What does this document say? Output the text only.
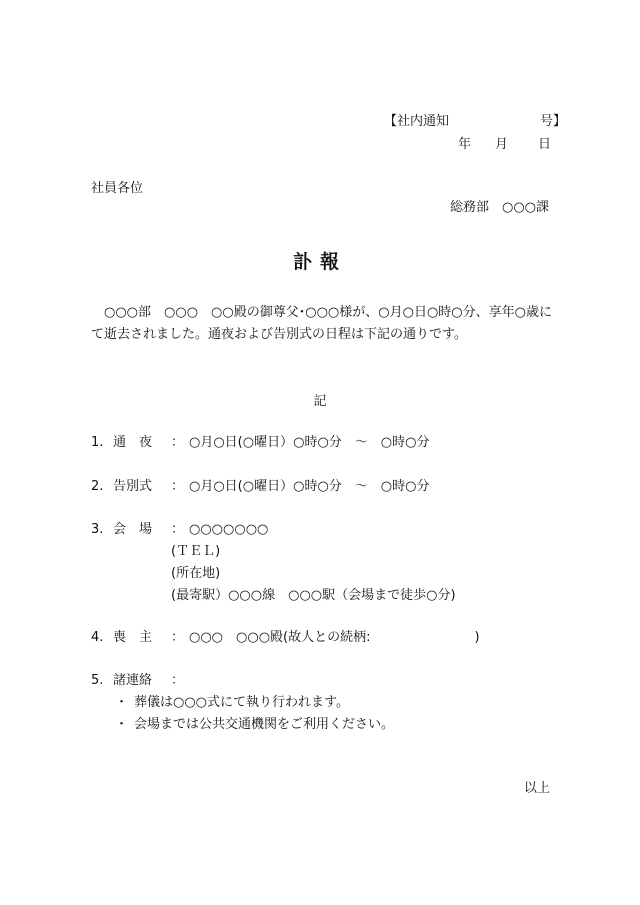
【社内通知　　　　　　　号】
年 月 日
社員各位
総務部　○○○課
訃報
○○○部　○○○　○○殿の御尊父･○○○様が、○月○日○時○分、享年○歳にて逝去されました。通夜および告別式の日程は下記の通りです。
記
1. 通　夜 ： ○月○日(○曜日）○時○分　～　○時○分
2. 告別式 ： ○月○日(○曜日）○時○分　～　○時○分
3. 会　場 ： ○○○○○○○
(ＴＥＬ)
(所在地)
(最寄駅）○○○線　○○○駅（会場まで徒歩○分)
4. 喪　主 ： ○○○　○○○殿(故人との続柄:　　　　　　　　)
5. 諸連絡 ：
・ 葬儀は○○○式にて執り行われます。
・ 会場までは公共交通機関をご利用ください。
以上
